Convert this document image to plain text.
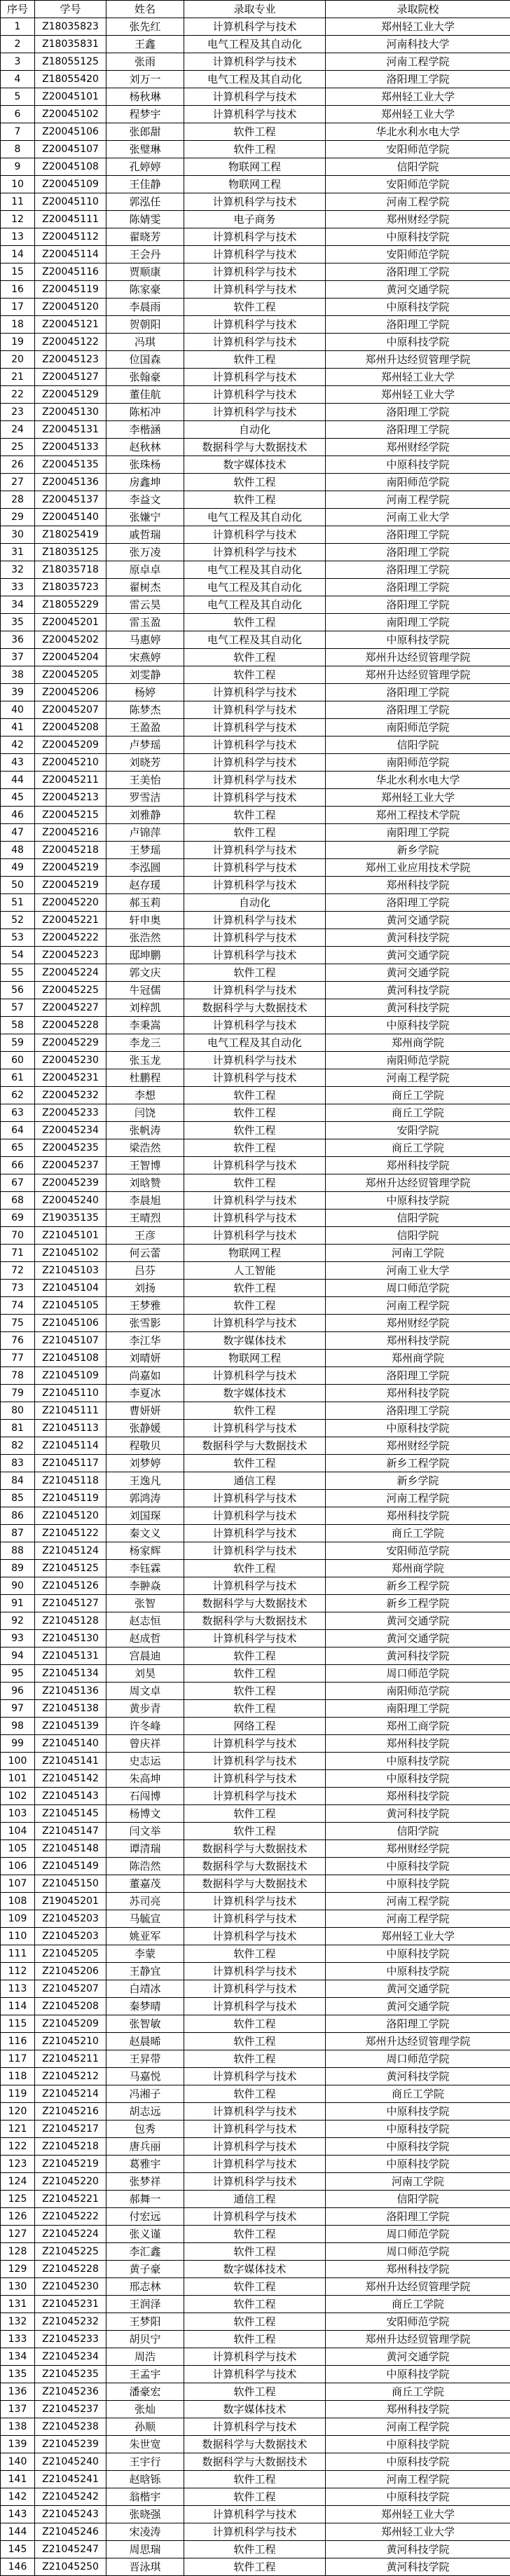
序号	学号	姓名	录取专业	录取院校
1	Z18035823	张先红	计算机科学与技术	郑州轻工业大学
2	Z18035831	王鑫	电气工程及其自动化	河南科技大学
3	Z18055125	张雨	计算机科学与技术	河南工程学院
4	Z18055420	刘万一	电气工程及其自动化	洛阳理工学院
5	Z20045101	杨秋琳	计算机科学与技术	郑州轻工业大学
6	Z20045102	程梦宇	计算机科学与技术	郑州轻工业大学
7	Z20045106	张郎甜	软件工程	华北水利水电大学
8	Z20045107	张璧琳	软件工程	安阳师范学院
9	Z20045108	孔婷婷	物联网工程	信阳学院
10	Z20045109	王佳静	物联网工程	安阳师范学院
11	Z20045110	郭泓任	计算机科学与技术	河南工程学院
12	Z20045111	陈婧雯	电子商务	郑州财经学院
13	Z20045112	翟晓芳	计算机科学与技术	中原科技学院
14	Z20045114	王会丹	计算机科学与技术	安阳师范学院
15	Z20045116	贾顺康	计算机科学与技术	洛阳理工学院
16	Z20045119	陈家豪	计算机科学与技术	黄河交通学院
17	Z20045120	李晨雨	软件工程	中原科技学院
18	Z20045121	贺朝阳	计算机科学与技术	洛阳理工学院
19	Z20045122	冯琪	计算机科学与技术	中原科技学院
20	Z20045123	位国森	软件工程	郑州升达经贸管理学院
21	Z20045127	张翰豪	计算机科学与技术	郑州轻工业大学
22	Z20045129	董佳航	计算机科学与技术	郑州轻工业大学
23	Z20045130	陈柘冲	计算机科学与技术	洛阳理工学院
24	Z20045131	李楷涵	自动化	洛阳理工学院
25	Z20045133	赵秋林	数据科学与大数据技术	郑州财经学院
26	Z20045135	张珠杨	数字媒体技术	中原科技学院
27	Z20045136	房鑫坤	软件工程	南阳师范学院
28	Z20045137	李益文	软件工程	河南工程学院
29	Z20045140	张嫌宁	电气工程及其自动化	河南工业大学
30	Z18025419	戚哲瑞	计算机科学与技术	洛阳理工学院
31	Z18035125	张万凌	计算机科学与技术	洛阳理工学院
32	Z18035718	原卓卓	电气工程及其自动化	洛阳理工学院
33	Z18035723	翟树杰	电气工程及其自动化	洛阳理工学院
34	Z18055229	雷云昊	电气工程及其自动化	洛阳理工学院
35	Z20045201	雷玉盈	软件工程	南阳理工学院
36	Z20045202	马惠婷	电气工程及其自动化	中原科技学院
37	Z20045204	宋燕婷	软件工程	郑州升达经贸管理学院
38	Z20045205	刘雯静	软件工程	郑州升达经贸管理学院
39	Z20045206	杨婷	计算机科学与技术	洛阳理工学院
40	Z20045207	陈梦杰	计算机科学与技术	洛阳理工学院
41	Z20045208	王盈盈	计算机科学与技术	南阳师范学院
42	Z20045209	卢梦瑶	计算机科学与技术	信阳学院
43	Z20045210	刘晓芳	计算机科学与技术	南阳师范学院
44	Z20045211	王美怡	计算机科学与技术	华北水利水电大学
45	Z20045213	罗雪洁	计算机科学与技术	郑州轻工业大学
46	Z20045215	刘雅静	软件工程	郑州工程技术学院
47	Z20045216	卢锦萍	软件工程	南阳理工学院
48	Z20045218	王梦瑶	计算机科学与技术	新乡学院
49	Z20045219	李泓圆	计算机科学与技术	郑州工业应用技术学院
50	Z20045219	赵存瑗	计算机科学与技术	郑州科技学院
51	Z20045220	郝玉莉	自动化	洛阳理工学院
52	Z20045221	轩申奥	计算机科学与技术	黄河交通学院
53	Z20045222	张浩然	计算机科学与技术	黄河科技学院
54	Z20045223	邸坤鹏	计算机科学与技术	黄河交通学院
55	Z20045224	郭文庆	软件工程	黄河交通学院
56	Z20045225	牛冠儒	计算机科学与技术	黄河科技学院
57	Z20045227	刘梓凯	数据科学与大数据技术	黄河科技学院
58	Z20045228	李秉嵩	计算机科学与技术	中原科技学院
59	Z20045229	李龙三	电气工程及其自动化	郑州商学院
60	Z20045230	张玉龙	计算机科学与技术	南阳师范学院
61	Z20045231	杜鹏程	计算机科学与技术	河南工程学院
62	Z20045232	李想	软件工程	商丘工学院
63	Z20045233	闫饶	软件工程	商丘工学院
64	Z20045234	张帆涛	软件工程	安阳学院
65	Z20045235	梁浩然	软件工程	商丘工学院
66	Z20045237	王智博	计算机科学与技术	郑州科技学院
67	Z20045239	刘晗赞	软件工程	郑州升达经贸管理学院
68	Z20045240	李晨旭	计算机科学与技术	中原科技学院
69	Z19035135	王晴烈	计算机科学与技术	信阳学院
70	Z21045101	王彦	计算机科学与技术	信阳学院
71	Z21045102	何云蕾	物联网工程	河南工学院
72	Z21045103	吕芬	人工智能	河南工业大学
73	Z21045104	刘扬	软件工程	周口师范学院
74	Z21045105	王梦雅	软件工程	河南工程学院
75	Z21045106	张雪影	计算机科学与技术	郑州财经学院
76	Z21045107	李江华	数字媒体技术	郑州科技学院
77	Z21045108	刘晴妍	物联网工程	郑州商学院
78	Z21045109	尚嘉如	计算机科学与技术	洛阳理工学院
79	Z21045110	李夏冰	数字媒体技术	郑州科技学院
80	Z21045111	曹妍妍	软件工程	洛阳理工学院
81	Z21045113	张静媛	计算机科学与技术	中原科技学院
82	Z21045114	程敬贝	数据科学与大数据技术	郑州财经学院
83	Z21045117	刘梦婷	软件工程	新乡工程学院
84	Z21045118	王逸凡	通信工程	新乡学院
85	Z21045119	郭鸿涛	计算机科学与技术	河南工程学院
86	Z21045120	刘国琛	计算机科学与技术	郑州科技学院
87	Z21045122	秦文义	计算机科学与技术	商丘工学院
88	Z21045124	杨家辉	计算机科学与技术	安阳师范学院
89	Z21045125	李钰霖	软件工程	郑州商学院
90	Z21045126	李翀焱	计算机科学与技术	新乡工程学院
91	Z21045127	张智	数据科学与大数据技术	新乡工程学院
92	Z21045128	赵志恒	数据科学与大数据技术	黄河交通学院
93	Z21045130	赵成哲	计算机科学与技术	黄河交通学院
94	Z21045131	宫晨迪	软件工程	黄河科技学院
95	Z21045134	刘昊	软件工程	周口师范学院
96	Z21045136	周文卓	软件工程	南阳师范学院
97	Z21045138	黄步青	软件工程	南阳理工学院
98	Z21045139	许冬峰	网络工程	郑州工商学院
99	Z21045140	曾庆祥	计算机科学与技术	郑州科技学院
100	Z21045141	史志运	计算机科学与技术	中原科技学院
101	Z21045142	朱高坤	计算机科学与技术	中原科技学院
102	Z21045143	石闯博	计算机科学与技术	郑州科技学院
103	Z21045145	杨博文	软件工程	黄河科技学院
104	Z21045147	闫文举	软件工程	信阳学院
105	Z21045148	谭清瑞	数据科学与大数据技术	郑州财经学院
106	Z21045149	陈浩然	数据科学与大数据技术	中原科技学院
107	Z21045150	董嘉茂	数据科学与大数据技术	中原科技学院
108	Z19045201	苏司亮	计算机科学与技术	河南工程学院
109	Z21045203	马毓宣	计算机科学与技术	河南工程学院
110	Z21045203	姚亚军	计算机科学与技术	郑州轻工业大学
111	Z21045205	李蒙	软件工程	中原科技学院
112	Z21045206	王静宜	计算机科学与技术	中原科技学院
113	Z21045207	白靖冰	计算机科学与技术	黄河交通学院
114	Z21045208	秦梦晴	计算机科学与技术	黄河交通学院
115	Z21045209	张智敏	软件工程	洛阳理工学院
116	Z21045210	赵晨晞	软件工程	郑州升达经贸管理学院
117	Z21045211	王昇带	软件工程	周口师范学院
118	Z21045212	马嘉悦	计算机科学与技术	黄河科技学院
119	Z21045214	冯湘子	软件工程	商丘工学院
120	Z21045216	胡志远	计算机科学与技术	中原科技学院
121	Z21045217	包秀	计算机科学与技术	中原科技学院
122	Z21045218	唐兵丽	计算机科学与技术	中原科技学院
123	Z21045219	葛雅宇	计算机科学与技术	中原科技学院
124	Z21045220	张梦祥	计算机科学与技术	河南工学院
125	Z21045221	郝舞一	通信工程	信阳学院
126	Z21045222	付宏远	计算机科学与技术	洛阳理工学院
127	Z21045224	张义谨	软件工程	周口师范学院
128	Z21045225	李汇鑫	软件工程	周口师范学院
129	Z21045228	黄子豪	数字媒体技术	郑州科技学院
130	Z21045230	邢志林	软件工程	郑州升达经贸管理学院
131	Z21045231	王润泽	软件工程	商丘工学院
132	Z21045232	王梦阳	软件工程	安阳师范学院
133	Z21045233	胡贝宁	软件工程	郑州升达经贸管理学院
134	Z21045234	周浩	计算机科学与技术	黄河交通学院
135	Z21045235	王孟宇	计算机科学与技术	中原科技学院
136	Z21045236	潘豪宏	软件工程	商丘工学院
137	Z21045237	张灿	数字媒体技术	郑州科技学院
138	Z21045238	孙顺	计算机科学与技术	河南工程学院
139	Z21045239	朱世宽	数据科学与大数据技术	中原科技学院
140	Z21045240	王宇行	数据科学与大数据技术	中原科技学院
141	Z21045241	赵晗铄	软件工程	河南工程学院
142	Z21045242	翁楷宇	软件工程	中原科技学院
143	Z21045243	张晓强	计算机科学与技术	郑州轻工业大学
144	Z21045246	宋凌涛	计算机科学与技术	郑州轻工业大学
145	Z21045247	周思瑞	软件工程	黄河科技学院
146	Z21045250	晋泳琪	软件工程	黄河科技学院
